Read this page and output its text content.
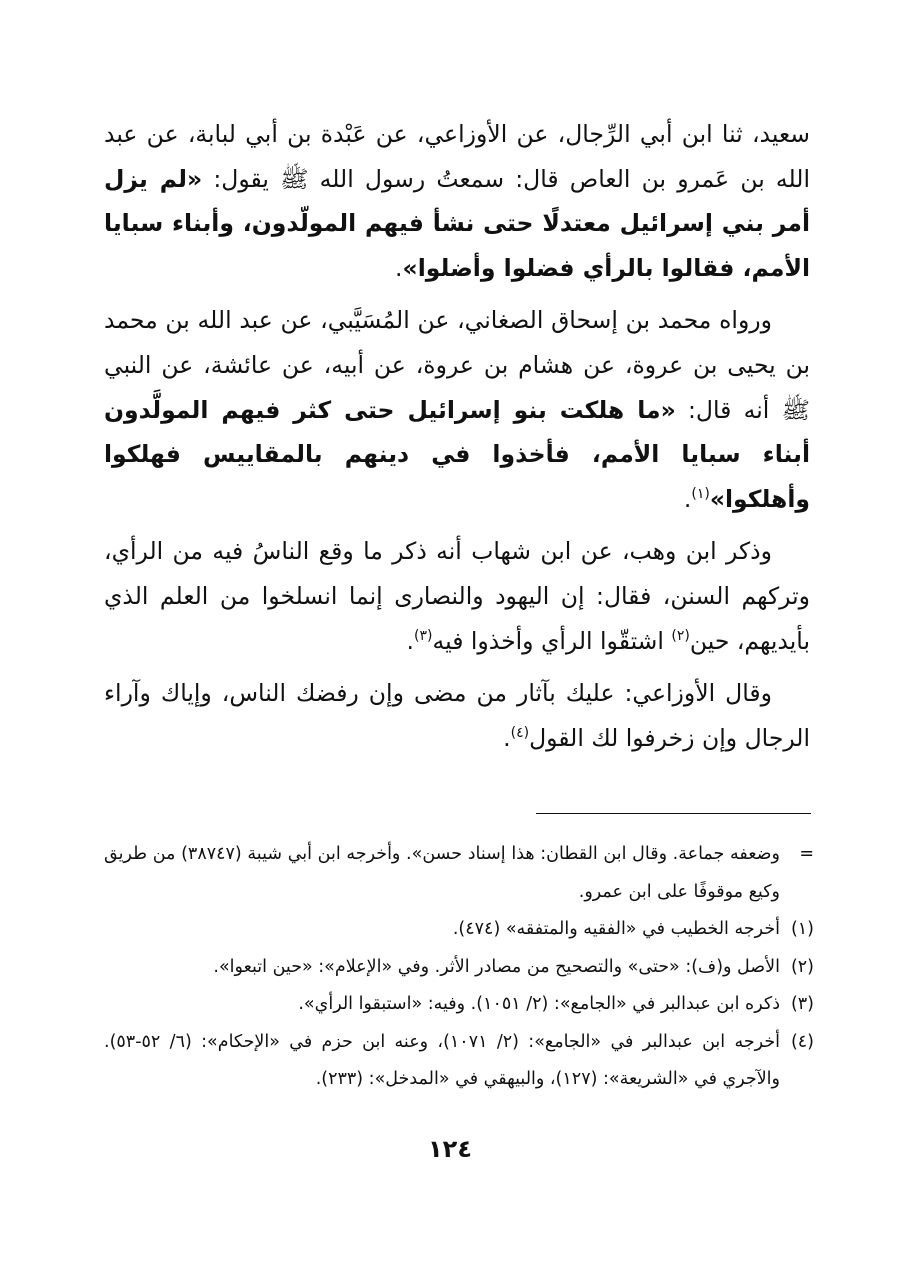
سعيد، ثنا ابن أبي الرِّجال، عن الأوزاعي، عن عَبْدة بن أبي لبابة، عن عبد الله بن عَمرو بن العاص قال: سمعتُ رسول الله ﷺ يقول: «لم يزل أمر بني إسرائيل معتدلًا حتى نشأ فيهم المولّدون، وأبناء سبايا الأمم، فقالوا بالرأي فضلوا وأضلوا».

ورواه محمد بن إسحاق الصغاني، عن المُسَيَّبي، عن عبد الله بن محمد بن يحيى بن عروة، عن هشام بن عروة، عن أبيه، عن عائشة، عن النبي ﷺ أنه قال: «ما هلكت بنو إسرائيل حتى كثر فيهم المولَّدون أبناء سبايا الأمم، فأخذوا في دينهم بالمقاييس فهلكوا وأهلكوا»$^{(١)}$.

وذكر ابن وهب، عن ابن شهاب أنه ذكر ما وقع الناسُ فيه من الرأي، وتركهم السنن، فقال: إن اليهود والنصارى إنما انسلخوا من العلم الذي بأيديهم، حين$^{(٢)}$ اشتقّوا الرأي وأخذوا فيه$^{(٣)}$.

وقال الأوزاعي: عليك بآثار من مضى وإن رفضك الناس، وإياك وآراء الرجال وإن زخرفوا لك القول$^{(٤)}$.

=
وضعفه جماعة. وقال ابن القطان: هذا إسناد حسن». وأخرجه ابن أبي شيبة (٣٨٧٤٧) من طريق وكيع موقوفًا على ابن عمرو.
(١)
أخرجه الخطيب في «الفقيه والمتفقه» (٤٧٤).
(٢)
الأصل و(ف): «حتى» والتصحيح من مصادر الأثر. وفي «الإعلام»: «حين اتبعوا».
(٣)
ذكره ابن عبدالبر في «الجامع»: (٢/ ١٠٥١). وفيه: «استبقوا الرأي».
(٤)
أخرجه ابن عبدالبر في «الجامع»: (٢/ ١٠٧١)، وعنه ابن حزم في «الإحكام»: (٦/ ٥٢-٥٣). والآجري في «الشريعة»: (١٢٧)، والبيهقي في «المدخل»: (٢٣٣).
١٢٤
